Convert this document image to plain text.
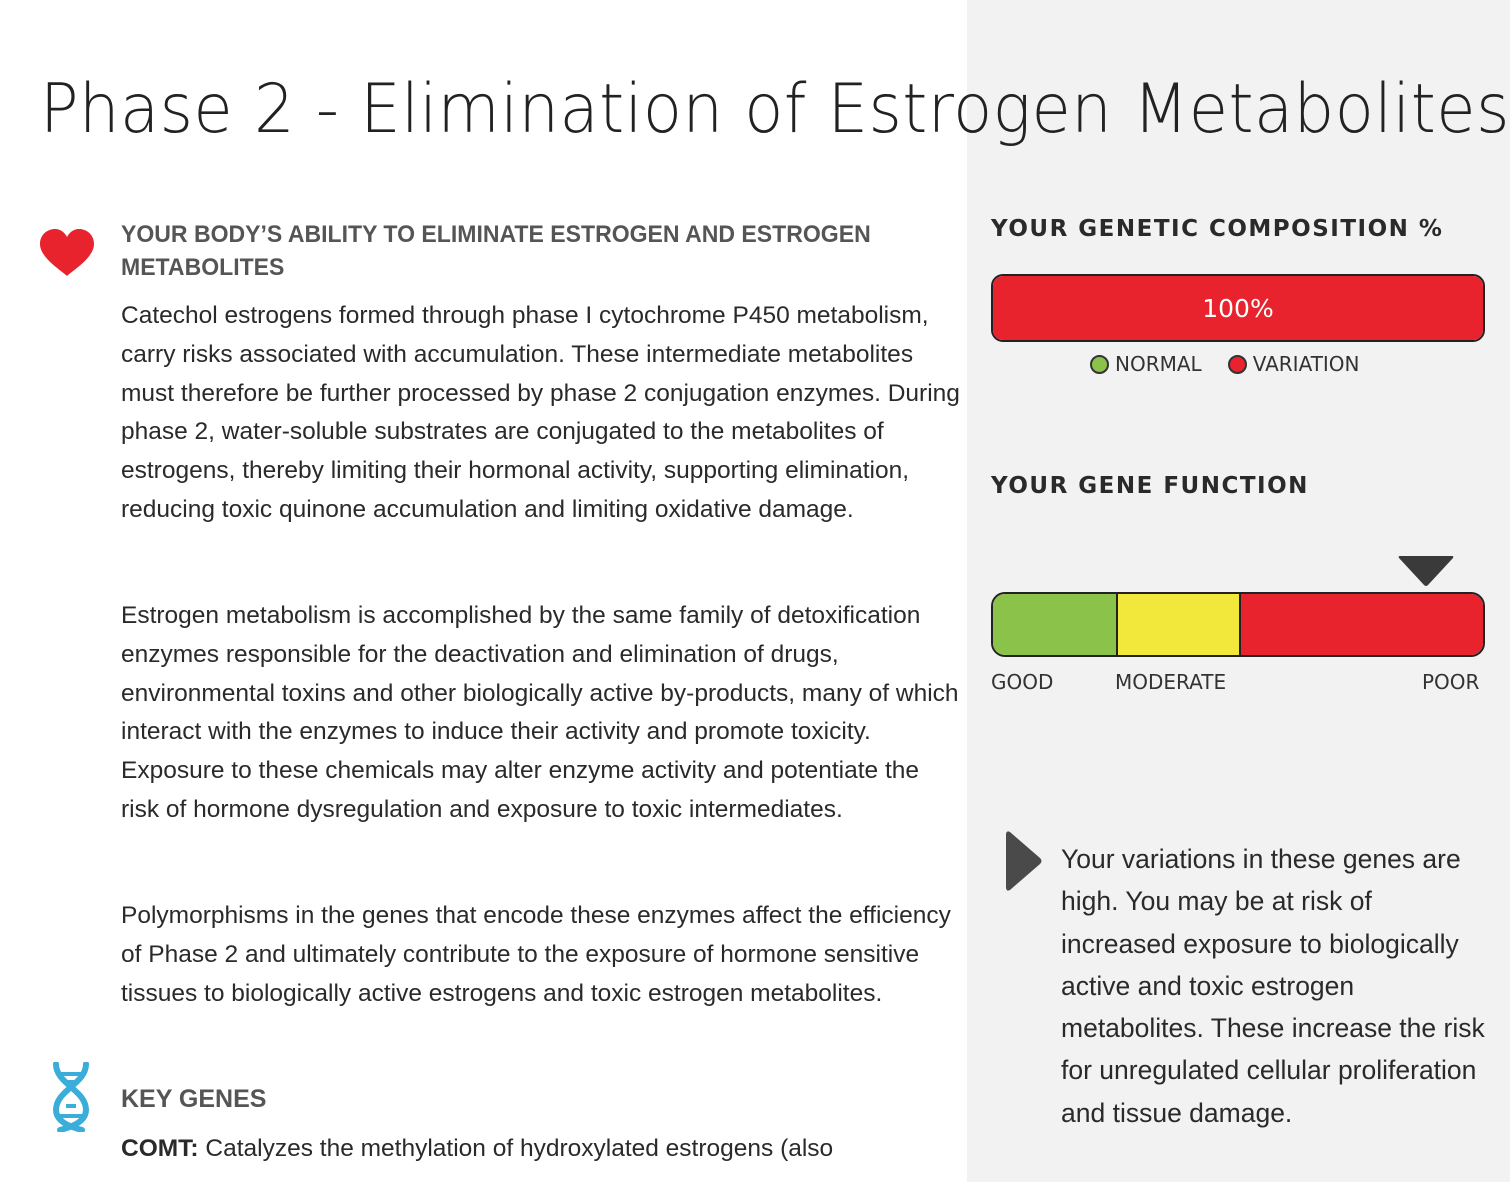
Phase 2 - Elimination of Estrogen Metabolites
YOUR BODY’S ABILITY TO ELIMINATE ESTROGEN AND ESTROGEN METABOLITES

Catechol estrogens formed through phase I cytochrome P450 metabolism, carry risks associated with accumulation. These intermediate metabolites must therefore be further processed by phase 2 conjugation enzymes. During phase 2, water-soluble substrates are conjugated to the metabolites of estrogens, thereby limiting their hormonal activity, supporting elimination, reducing toxic quinone accumulation and limiting oxidative damage.

Estrogen metabolism is accomplished by the same family of detoxification enzymes responsible for the deactivation and elimination of drugs, environmental toxins and other biologically active by-products, many of which interact with the enzymes to induce their activity and promote toxicity. Exposure to these chemicals may alter enzyme activity and potentiate the risk of hormone dysregulation and exposure to toxic intermediates.

Polymorphisms in the genes that encode these enzymes affect the efficiency of Phase 2 and ultimately contribute to the exposure of hormone sensitive tissues to biologically active estrogens and toxic estrogen metabolites.

KEY GENES

COMT: Catalyzes the methylation of hydroxylated estrogens (also

YOUR GENETIC COMPOSITION %
100%
NORMAL	VARIATION
YOUR GENE FUNCTION

GOOD	MODERATE	POOR

Your variations in these genes are high. You may be at risk of increased exposure to biologically active and toxic estrogen metabolites. These increase the risk for unregulated cellular proliferation and tissue damage.
